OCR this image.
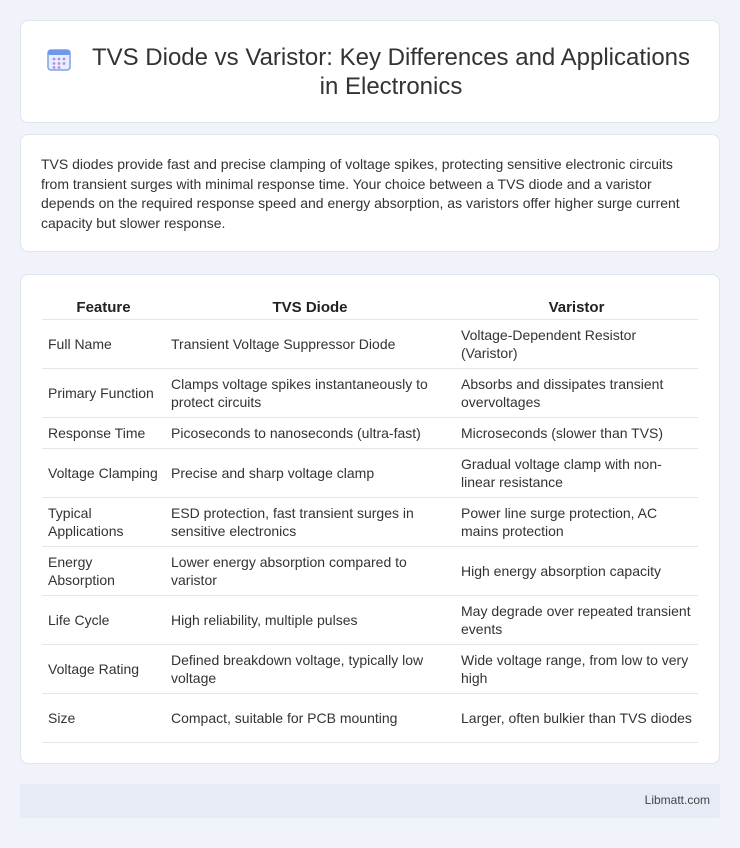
TVS Diode vs Varistor: Key Differences and Applications in Electronics

TVS diodes provide fast and precise clamping of voltage spikes, protecting sensitive electronic circuits from transient surges with minimal response time. Your choice between a TVS diode and a varistor depends on the required response speed and energy absorption, as varistors offer higher surge current capacity but slower response.

Feature	TVS Diode	Varistor
Full Name	Transient Voltage Suppressor Diode	Voltage-Dependent Resistor (Varistor)
Primary Function	Clamps voltage spikes instantaneously to protect circuits	Absorbs and dissipates transient overvoltages
Response Time	Picoseconds to nanoseconds (ultra-fast)	Microseconds (slower than TVS)
Voltage Clamping	Precise and sharp voltage clamp	Gradual voltage clamp with non-linear resistance
Typical Applications	ESD protection, fast transient surges in sensitive electronics	Power line surge protection, AC mains protection
Energy Absorption	Lower energy absorption compared to varistor	High energy absorption capacity
Life Cycle	High reliability, multiple pulses	May degrade over repeated transient events
Voltage Rating	Defined breakdown voltage, typically low voltage	Wide voltage range, from low to very high
Size	Compact, suitable for PCB mounting	Larger, often bulkier than TVS diodes
Libmatt.com
